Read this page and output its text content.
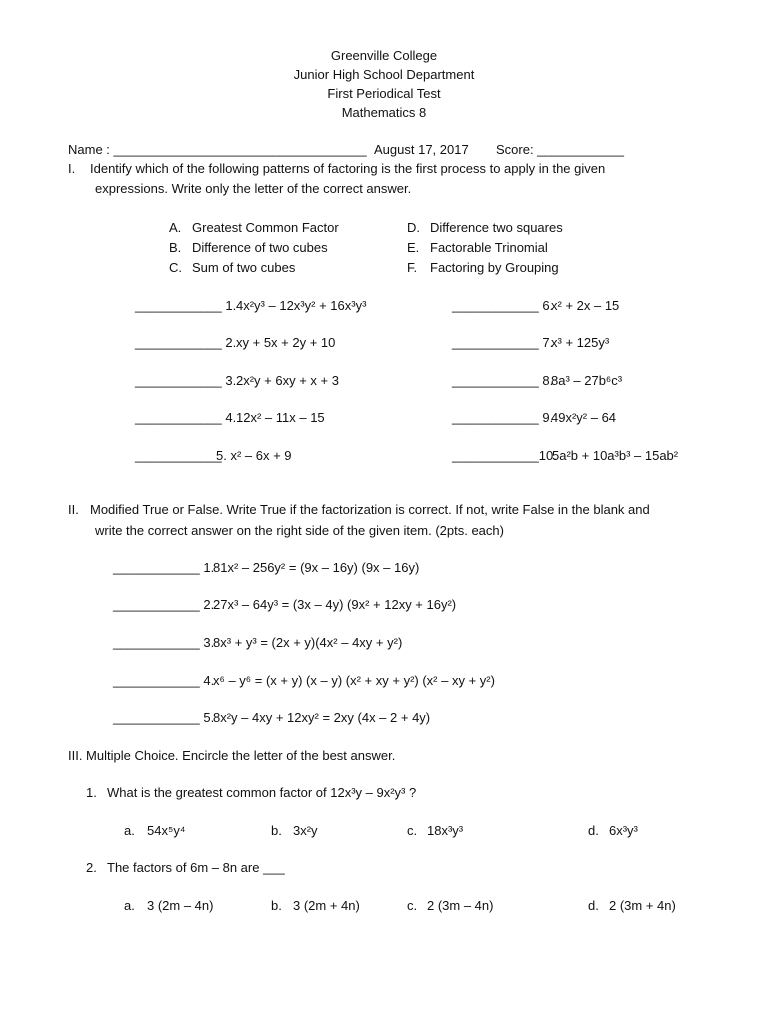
Greenville College
Junior High School Department
First Periodical Test
Mathematics 8
Name : ___________________________________ August 17, 2017 Score: ____________
I. Identify which of the following patterns of factoring is the first process to apply in the given
expressions. Write only the letter of the correct answer.
A. Greatest Common Factor
B. Difference of two cubes
C. Sum of two cubes
D. Difference two squares
E. Factorable Trinomial
F. Factoring by Grouping
____________ 1. 4x²y³ – 12x³y² + 16x³y³
____________ 2. xy + 5x + 2y + 10
____________ 3. 2x²y + 6xy + x + 3
____________ 4. 12x² – 11x – 15
____________
5. x² – 6x + 9
____________ 6.
x² + 2x – 15
____________ 7.
x³ + 125y³
____________ 8.
8a³ – 27b⁶c³
____________ 9.
49x²y² – 64
____________10.
5a²b + 10a³b³ – 15ab²
II. Modified True or False. Write True if the factorization is correct. If not, write False in the blank and
write the correct answer on the right side of the given item. (2pts. each)
____________ 1.
81x² – 256y² = (9x – 16y) (9x – 16y)
____________ 2.
27x³ – 64y³ = (3x – 4y) (9x² + 12xy + 16y²)
____________ 3.
8x³ + y³ = (2x + y)(4x² – 4xy + y²)
____________ 4.
x⁶ – y⁶ = (x + y) (x – y) (x² + xy + y²) (x² – xy + y²)
____________ 5.
8x²y – 4xy + 12xy² = 2xy (4x – 2 + 4y)
III. Multiple Choice. Encircle the letter of the best answer.
1. What is the greatest common factor of 12x³y – 9x²y³ ?
a. 54x⁵y⁴	b. 3x²y	c. 18x³y³	d. 6x³y³
2. The factors of 6m – 8n are ___
a. 3 (2m – 4n)	b. 3 (2m + 4n)	c. 2 (3m – 4n)	d. 2 (3m + 4n)
